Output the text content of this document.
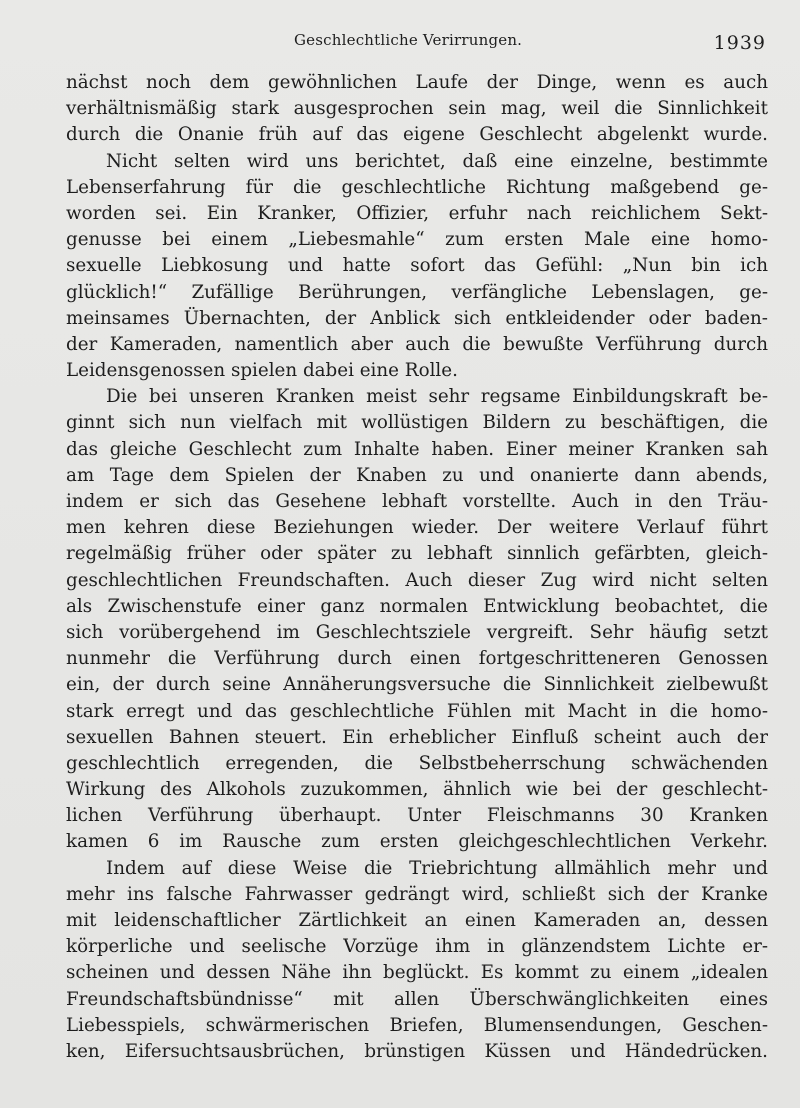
Geschlechtliche Verirrungen.	1939
nächst noch dem gewöhnlichen Laufe der Dinge, wenn es auch
verhältnismäßig stark ausgesprochen sein mag, weil die Sinnlichkeit
durch die Onanie früh auf das eigene Geschlecht abgelenkt wurde.
Nicht selten wird uns berichtet, daß eine einzelne, bestimmte
Lebenserfahrung für die geschlechtliche Richtung maßgebend ge-
worden sei. Ein Kranker, Offizier, erfuhr nach reichlichem Sekt-
genusse bei einem „Liebesmahle“ zum ersten Male eine homo-
sexuelle Liebkosung und hatte sofort das Gefühl: „Nun bin ich
glücklich!“ Zufällige Berührungen, verfängliche Lebenslagen, ge-
meinsames Übernachten, der Anblick sich entkleidender oder baden-
der Kameraden, namentlich aber auch die bewußte Verführung durch
Leidensgenossen spielen dabei eine Rolle.
Die bei unseren Kranken meist sehr regsame Einbildungskraft be-
ginnt sich nun vielfach mit wollüstigen Bildern zu beschäftigen, die
das gleiche Geschlecht zum Inhalte haben. Einer meiner Kranken sah
am Tage dem Spielen der Knaben zu und onanierte dann abends,
indem er sich das Gesehene lebhaft vorstellte. Auch in den Träu-
men kehren diese Beziehungen wieder. Der weitere Verlauf führt
regelmäßig früher oder später zu lebhaft sinnlich gefärbten, gleich-
geschlechtlichen Freundschaften. Auch dieser Zug wird nicht selten
als Zwischenstufe einer ganz normalen Entwicklung beobachtet, die
sich vorübergehend im Geschlechtsziele vergreift. Sehr häufig setzt
nunmehr die Verführung durch einen fortgeschritteneren Genossen
ein, der durch seine Annäherungsversuche die Sinnlichkeit zielbewußt
stark erregt und das geschlechtliche Fühlen mit Macht in die homo-
sexuellen Bahnen steuert. Ein erheblicher Einfluß scheint auch der
geschlechtlich erregenden, die Selbstbeherrschung schwächenden
Wirkung des Alkohols zuzukommen, ähnlich wie bei der geschlecht-
lichen Verführung überhaupt. Unter Fleischmanns 30 Kranken
kamen 6 im Rausche zum ersten gleichgeschlechtlichen Verkehr.
Indem auf diese Weise die Triebrichtung allmählich mehr und
mehr ins falsche Fahrwasser gedrängt wird, schließt sich der Kranke
mit leidenschaftlicher Zärtlichkeit an einen Kameraden an, dessen
körperliche und seelische Vorzüge ihm in glänzendstem Lichte er-
scheinen und dessen Nähe ihn beglückt. Es kommt zu einem „idealen
Freundschaftsbündnisse“ mit allen Überschwänglichkeiten eines
Liebesspiels, schwärmerischen Briefen, Blumensendungen, Geschen-
ken, Eifersuchtsausbrüchen, brünstigen Küssen und Händedrücken.
